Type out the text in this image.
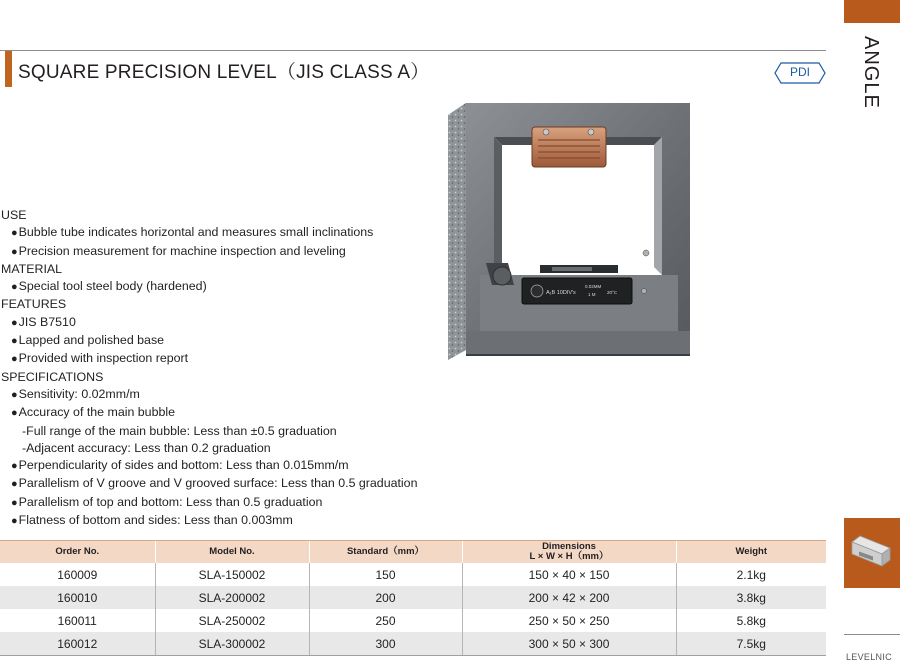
SQUARE PRECISION LEVEL（JIS CLASS A）	PDI	ANGLE
LEVELNIC
A₁B 10DIV's
0.02MM
1 M	20°C
USE
● Bubble tube indicates horizontal and measures small inclinations
● Precision measurement for machine inspection and leveling
MATERIAL
● Special tool steel body (hardened)
FEATURES
● JIS B7510
● Lapped and polished base
● Provided with inspection report
SPECIFICATIONS
● Sensitivity: 0.02mm/m
● Accuracy of the main bubble
-Full range of the main bubble: Less than ±0.5 graduation
-Adjacent accuracy: Less than 0.2 graduation
● Perpendicularity of sides and bottom: Less than 0.015mm/m
● Parallelism of V groove and V grooved surface: Less than 0.5 graduation
● Parallelism of top and bottom: Less than 0.5 graduation
● Flatness of bottom and sides: Less than 0.003mm
Order No.	Model No.	Standard（mm）	Dimensions
L × W × H（mm）	Weight
160009	SLA-150002	150	150 × 40 × 150	2.1kg
160010	SLA-200002	200	200 × 42 × 200	3.8kg
160011	SLA-250002	250	250 × 50 × 250	5.8kg
160012	SLA-300002	300	300 × 50 × 300	7.5kg
